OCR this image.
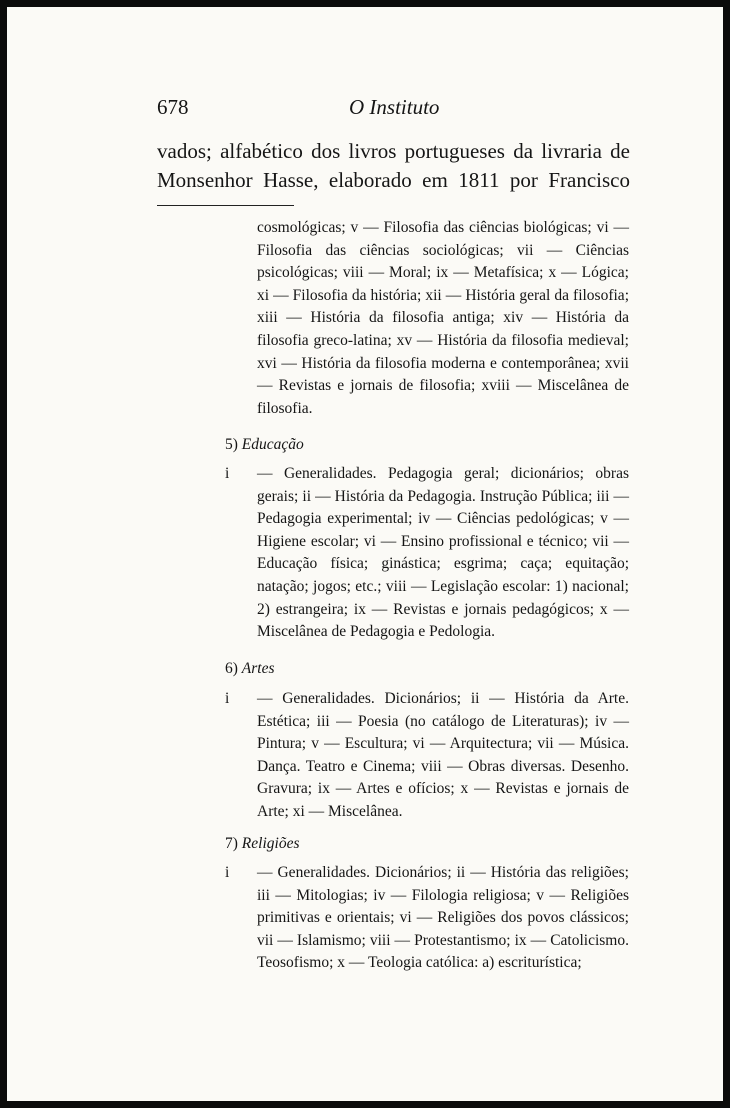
678	O Instituto

vados; alfabético dos livros portugueses da livraria de
Monsenhor Hasse, elaborado em 1811 por Francisco

cosmológicas; v — Filosofia das ciências biológicas; vi — Filosofia das ciências sociológicas; vii — Ciências psicológicas; viii — Moral; ix — Metafísica; x — Lógica; xi — Filosofia da história; xii — História geral da filosofia; xiii — História da filosofia antiga; xiv — História da filosofia greco-latina; xv — História da filosofia medieval; xvi — História da filosofia moderna e contemporânea; xvii — Revistas e jornais de filosofia; xviii — Miscelânea de filosofia.

5) Educação

i — Generalidades. Pedagogia geral; dicionários; obras gerais; ii — História da Pedagogia. Instrução Pública; iii — Pedagogia experimental; iv — Ciências pedológicas; v — Higiene escolar; vi — Ensino profissional e técnico; vii — Educação física; ginástica; esgrima; caça; equitação; natação; jogos; etc.; viii — Legislação escolar: 1) nacional; 2) estrangeira; ix — Revistas e jornais pedagógicos; x — Miscelânea de Pedagogia e Pedologia.

6) Artes

i — Generalidades. Dicionários; ii — História da Arte. Estética; iii — Poesia (no catálogo de Literaturas); iv — Pintura; v — Escultura; vi — Arquitectura; vii — Música. Dança. Teatro e Cinema; viii — Obras diversas. Desenho. Gravura; ix — Artes e ofícios; x — Revistas e jornais de Arte; xi — Miscelânea.

7) Religiões

i — Generalidades. Dicionários; ii — História das religiões; iii — Mitologias; iv — Filologia religiosa; v — Religiões primitivas e orientais; vi — Religiões dos povos clássicos; vii — Islamismo; viii — Protestantismo; ix — Catolicismo. Teosofismo; x — Teologia católica: a) escriturística;
